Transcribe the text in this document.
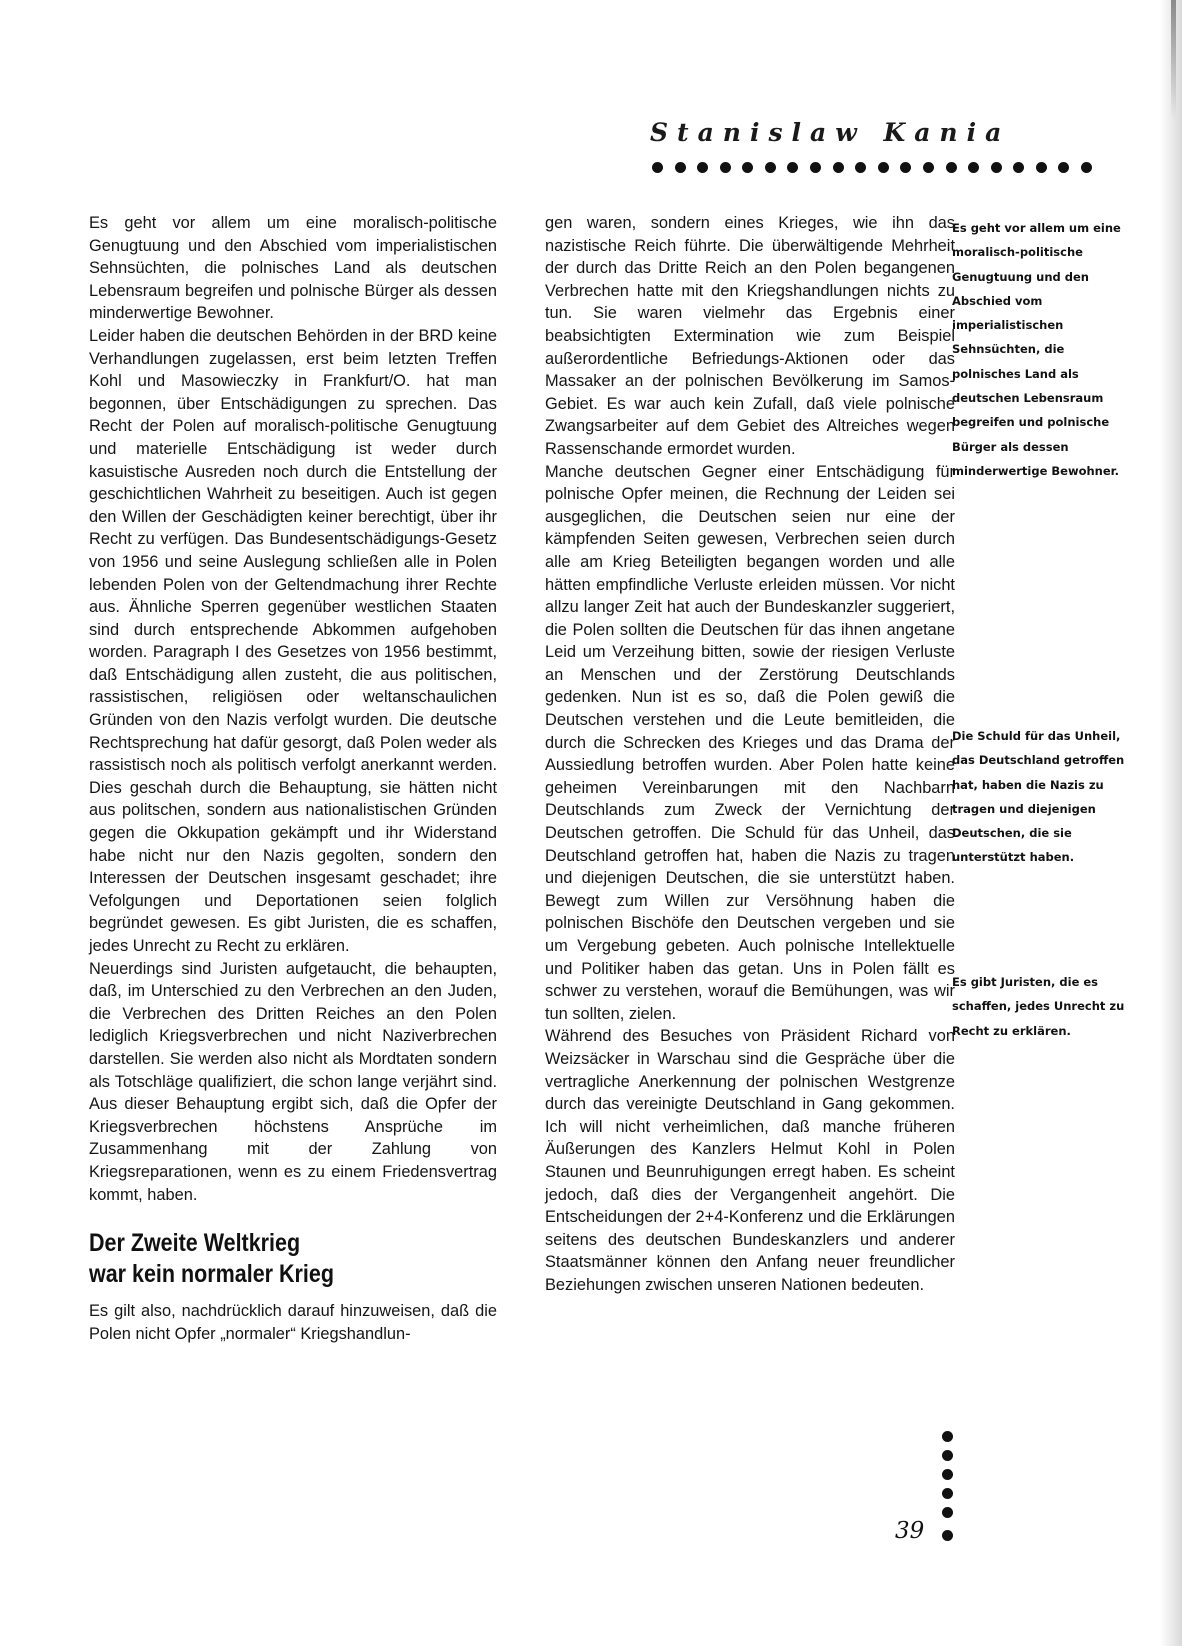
Stanislaw Kania

Es geht vor allem um eine moralisch-politische Genugtuung und den Abschied vom imperialistischen Sehnsüchten, die polnisches Land als deutschen Lebensraum begreifen und polnische Bürger als dessen minderwertige Bewohner.

Leider haben die deutschen Behörden in der BRD keine Verhandlungen zugelassen, erst beim letzten Treffen Kohl und Masowieczky in Frankfurt/O. hat man begonnen, über Entschädigungen zu sprechen. Das Recht der Polen auf moralisch-politische Genugtuung und materielle Entschädigung ist weder durch kasuistische Ausreden noch durch die Entstellung der geschichtlichen Wahrheit zu beseitigen. Auch ist gegen den Willen der Geschädigten keiner berechtigt, über ihr Recht zu verfügen. Das Bundesentschädigungs-Gesetz von 1956 und seine Auslegung schließen alle in Polen lebenden Polen von der Geltendmachung ihrer Rechte aus. Ähnliche Sperren gegenüber westlichen Staaten sind durch entsprechende Abkommen aufgehoben worden. Paragraph I des Gesetzes von 1956 bestimmt, daß Entschädigung allen zusteht, die aus politischen, rassistischen, religiösen oder weltanschaulichen Gründen von den Nazis verfolgt wurden. Die deutsche Rechtsprechung hat dafür gesorgt, daß Polen weder als rassistisch noch als politisch verfolgt anerkannt werden. Dies geschah durch die Behauptung, sie hätten nicht aus politschen, sondern aus nationalistischen Gründen gegen die Okkupation gekämpft und ihr Widerstand habe nicht nur den Nazis gegolten, sondern den Interessen der Deutschen insgesamt geschadet; ihre Vefolgungen und Deportationen seien folglich begründet gewesen. Es gibt Juristen, die es schaffen, jedes Unrecht zu Recht zu erklären.

Neuerdings sind Juristen aufgetaucht, die behaupten, daß, im Unterschied zu den Verbrechen an den Juden, die Verbrechen des Dritten Reiches an den Polen lediglich Kriegsverbrechen und nicht Naziverbrechen darstellen. Sie werden also nicht als Mordtaten sondern als Totschläge qualifiziert, die schon lange verjährt sind. Aus dieser Behauptung ergibt sich, daß die Opfer der Kriegsverbrechen höchstens Ansprüche im Zusammenhang mit der Zahlung von Kriegsreparationen, wenn es zu einem Friedensvertrag kommt, haben.

Der Zweite Weltkrieg
war kein normaler Krieg

Es gilt also, nachdrücklich darauf hinzuweisen, daß die Polen nicht Opfer „normaler“ Kriegshandlun-

gen waren, sondern eines Krieges, wie ihn das nazistische Reich führte. Die überwältigende Mehrheit der durch das Dritte Reich an den Polen begangenen Verbrechen hatte mit den Kriegshandlungen nichts zu tun. Sie waren vielmehr das Ergebnis einer beabsichtigten Extermination wie zum Beispiel außerordentliche Befriedungs-Aktionen oder das Massaker an der polnischen Bevölkerung im Samos-Gebiet. Es war auch kein Zufall, daß viele polnische Zwangsarbeiter auf dem Gebiet des Altreiches wegen Rassenschande ermordet wurden.

Manche deutschen Gegner einer Entschädigung für polnische Opfer meinen, die Rechnung der Leiden sei ausgeglichen, die Deutschen seien nur eine der kämpfenden Seiten gewesen, Verbrechen seien durch alle am Krieg Beteiligten begangen worden und alle hätten empfindliche Verluste erleiden müssen. Vor nicht allzu langer Zeit hat auch der Bundeskanzler suggeriert, die Polen sollten die Deutschen für das ihnen angetane Leid um Verzeihung bitten, sowie der riesigen Verluste an Menschen und der Zerstörung Deutschlands gedenken. Nun ist es so, daß die Polen gewiß die Deutschen verstehen und die Leute bemitleiden, die durch die Schrecken des Krieges und das Drama der Aussiedlung betroffen wurden. Aber Polen hatte keine geheimen Vereinbarungen mit den Nachbarn Deutschlands zum Zweck der Vernichtung der Deutschen getroffen. Die Schuld für das Unheil, das Deutschland getroffen hat, haben die Nazis zu tragen und diejenigen Deutschen, die sie unterstützt haben. Bewegt zum Willen zur Versöhnung haben die polnischen Bischöfe den Deutschen vergeben und sie um Vergebung gebeten. Auch polnische Intellektuelle und Politiker haben das getan. Uns in Polen fällt es schwer zu verstehen, worauf die Bemühungen, was wir tun sollten, zielen.

Während des Besuches von Präsident Richard von Weizsäcker in Warschau sind die Gespräche über die vertragliche Anerkennung der polnischen Westgrenze durch das vereinigte Deutschland in Gang gekommen. Ich will nicht verheimlichen, daß manche früheren Äußerungen des Kanzlers Helmut Kohl in Polen Staunen und Beunruhigungen erregt haben. Es scheint jedoch, daß dies der Vergangenheit angehört. Die Entscheidungen der 2+4-Konferenz und die Erklärungen seitens des deutschen Bundeskanzlers und anderer Staatsmänner können den Anfang neuer freundlicher Beziehungen zwischen unseren Nationen bedeuten.

Es geht vor allem um eine moralisch-politische Genugtuung und den Abschied vom imperialistischen Sehnsüchten, die polnisches Land als deutschen Lebensraum begreifen und polnische Bürger als dessen minderwertige Bewohner.

Die Schuld für das Unheil, das Deutschland getroffen hat, haben die Nazis zu tragen und diejenigen Deutschen, die sie unterstützt haben.

Es gibt Juristen, die es schaffen, jedes Unrecht zu Recht zu erklären.

39
